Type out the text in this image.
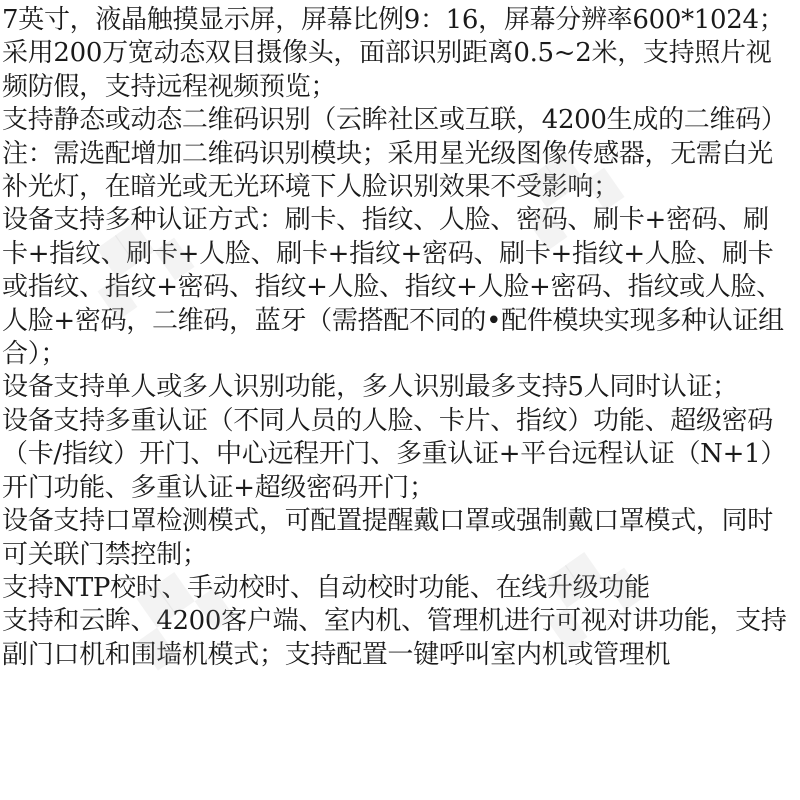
7英寸，液晶触摸显示屏，屏幕比例9：16，屏幕分辨率600*1024；

采用200万宽动态双目摄像头，面部识别距离0.5~2米，支持照片视频防假，支持远程视频预览；

支持静态或动态二维码识别（云眸社区或互联，4200生成的二维码）注：需选配增加二维码识别模块；采用星光级图像传感器，无需白光补光灯，在暗光或无光环境下人脸识别效果不受影响；

设备支持多种认证方式：刷卡、指纹、人脸、密码、刷卡+密码、刷卡+指纹、刷卡+人脸、刷卡+指纹+密码、刷卡+指纹+人脸、刷卡或指纹、指纹+密码、指纹+人脸、指纹+人脸+密码、指纹或人脸、人脸+密码，二维码，蓝牙（需搭配不同的•配件模块实现多种认证组合）；

设备支持单人或多人识别功能，多人识别最多支持5人同时认证；

设备支持多重认证（不同人员的人脸、卡片、指纹）功能、超级密码（卡/指纹）开门、中心远程开门、多重认证+平台远程认证（N+1）开门功能、多重认证+超级密码开门；

设备支持口罩检测模式，可配置提醒戴口罩或强制戴口罩模式，同时可关联门禁控制；

支持NTP校时、手动校时、自动校时功能、在线升级功能

支持和云眸、4200客户端、室内机、管理机进行可视对讲功能，支持副门口机和围墙机模式；支持配置一键呼叫室内机或管理机

▞▚
▞▚
▞▚	▞▚
